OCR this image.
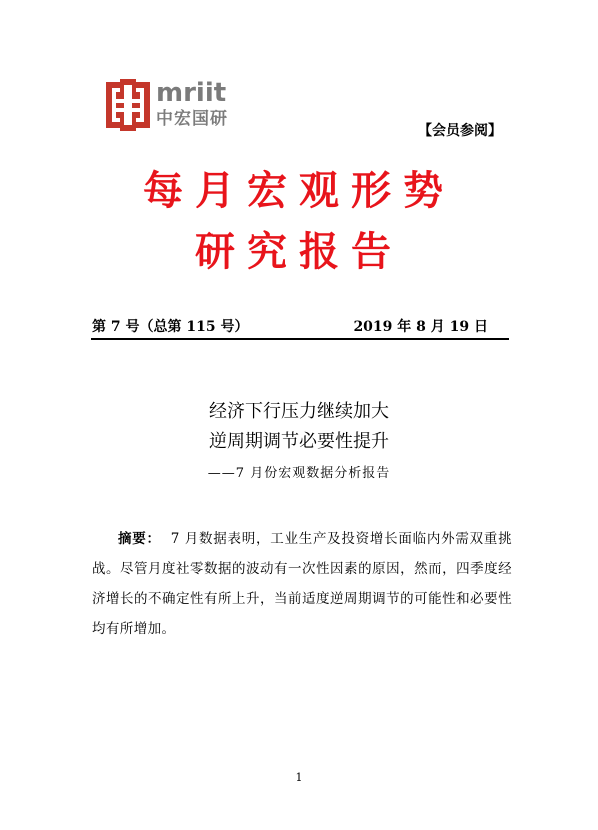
mriit
中宏国研
【会员参阅】
每月宏观形势
研究报告
第 7 号（总第 115 号）	2019 年 8 月 19 日
经济下行压力继续加大
逆周期调节必要性提升
——7 月份宏观数据分析报告
摘要： 7 月数据表明，工业生产及投资增长面临内外需双重挑战。尽管月度社零数据的波动有一次性因素的原因，然而，四季度经济增长的不确定性有所上升，当前适度逆周期调节的可能性和必要性均有所增加。
1
